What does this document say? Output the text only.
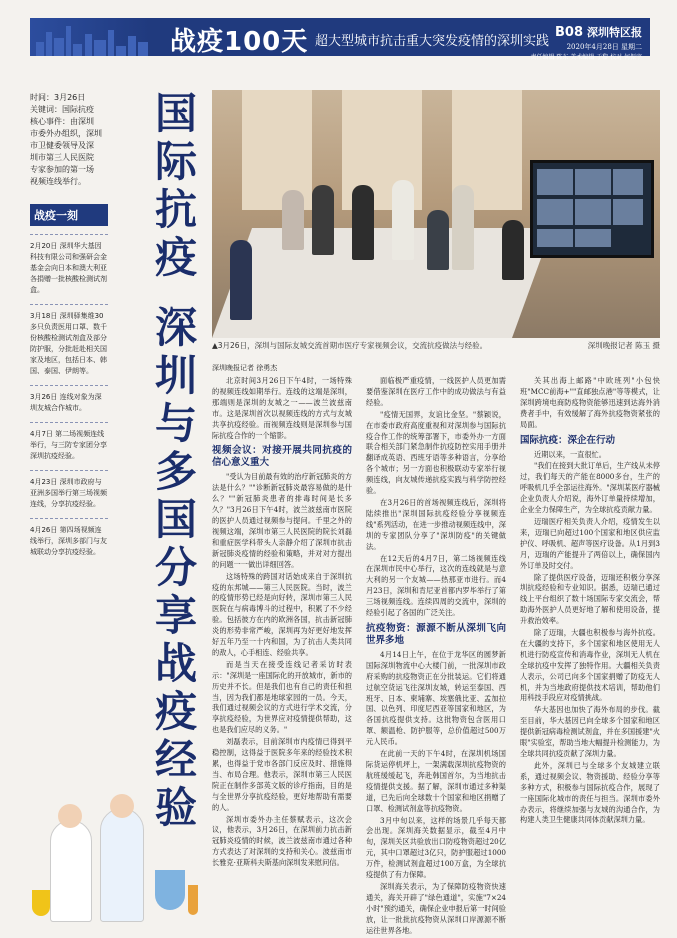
战疫100天 超大型城市抗击重大突发疫情的深圳实践
B08 深圳特区报
2020年4月28日 星期二
责任编辑 陈东 美术编辑 于黎 校对 何振宇
时间：3月26日
关键词：国际抗疫
核心事件：由深圳
市委外办组织，深圳
市卫健委领导及深
圳市第三人民医院
专家参加的第一场
视频连线举行。
战疫一刻
2月20日 深圳华大基因科技有限公司和强研会金基金会向日本和澳大利亚各捐赠一批核酸检测试剂盒。
3月18日 深圳驿集维30多只负责医用口罩、数千份核酸检测试剂盒及部分防护服，分批赶赴相关国家及地区，包括日本、韩国、泰国、伊朗等。
3月26日 连线对象为深圳友城合作城市。
4月7日 第二场视频连线举行，与三防专家团分享深圳抗疫经验。
4月23日 深圳市政府与亚洲多国举行第三场视频连线，分享抗疫经验。
4月26日 第四场视频连线举行，深圳多部门与友城联动分享抗疫经验。
国际抗疫
深圳与多国分享战疫经验
▲3月26日，深圳与国际友城交流首期市医疗专家视频会议，交流抗疫做法与经验。	深圳晚报记者 陈玉 摄
深圳晚报记者 徐勇杰

北京时间3月26日下午4时，一场特殊的视频连线如期举行。连线的这端是深圳，那端则是深圳的友城之一——波兰波兹南市。这是深圳首次以视频连线的方式与友城共享抗疫经验。而视频连线则是深圳参与国际抗疫合作的一个缩影。

视频会议：对接开展共同抗疫的信心意义重大

"受认为目前最有效的治疗新冠肺炎的方法是什么？""诊断新冠肺炎最容易做的是什么？""新冠肺炎患者的排毒时间是长多久？"3月26日下午4时，波兰波兹南市医院的医护人员通过视频参与提问。千里之外的视频这端，深圳市第三人民医院的院长刘磊和重症医学科带头人亲静介绍了深圳市抗击新冠肺炎疫情的经验和策略，并对对方提出的问题一一做出详细回答。

这场特殊的跨国对话始成来自于深圳抗疫的东邦城——第三人民医院。当时，波兰的疫情形势已经是向好转，深圳市第三人民医院在与病毒博斗的过程中，积累了不少经验。包括彼方在内的欧洲各国，抗击新冠肺炎的形势非常严峻，深圳再为好更好地发挥好五年乃至一十内和国，为了抗击人类共同的敌人，心手相连、经验共享。

而是当天在接受连线记者采访时表示："深圳是一座国际化的开放城市，新市的历史并不长。但是我们也有自己的责任和担当，因为我们都是地球家园的一员。今天，我们通过视频会议的方式进行学术交流，分享抗疫经验，为世界应对疫情提供帮助，这也是我们应尽的义务。"

刘磊表示，目前深圳市内疫情已得到平稳控制，这得益于医院多年来的经验技术积累，也得益于党市各部门反应及时、措施得当、布局合理。他表示，深圳市第三人民医院正在制作多部英文版的诊疗指南，目的是与全世界分享抗疫经验，更好地帮助有需要的人。

深圳市委外办主任蔡赋表示，这次会议，他表示，3月26日，在深圳前力抗击新冠肺炎疫情的时候，波兰波兹南市通过各种方式表达了对深圳的支持和关心。波兹南市长雅克·亚斯科夫斯基向深圳发来慰问信。

面临极严重疫情，一线医护人员更加需要借鉴深圳在医疗工作中的成功做法与有益经验。

"疫情无国界，友谊比金坚。"蔡颖说，在市委市政府高度重视和对深圳参与国际抗疫合作工作的统筹部署下，市委外办一方面联合相关部门紧急制作抗疫防控实用手册并翻译成英语、西班牙语等多种语言，分享给各个城市；另一方面也积极联动专家举行视频连线，向友城传递抗疫实践与科学防控经验。

在3月26日的首场视频连线后，深圳将陆续推出"深圳国际抗疫经验分享视频连线"系列活动，在进一步推动视频连线中，深圳的专家团队分享了"深圳防疫"的关键做法。

在12天后的4月7日，第二场视频连线在深圳市民中心举行，这次的连线就是与意大利的另一个友城——热那亚市进行。而4月23日，深圳和肯尼亚首都内罗毕举行了第三场视频连线。连续四周的交流中，深圳的经验引起了各国的广泛关注。

抗疫物资：源源不断从深圳飞向世界多地

4月14日上午，在位于龙华区的圆梦新国际深圳物流中心大楼门前，一批深圳市政府采购的抗疫物资正在分批装运。它们将通过航空货运飞往深圳友城，转运至泰国、西班牙、日本、柬埔寨、埃塞俄比亚、孟加拉国、以色列、印度尼西亚等国家和地区，为各国抗疫提供支持。这批物资包含医用口罩、额温枪、防护服等，总价值超过500万元人民币。

在此前一天的下午4时，在深圳机场国际货运停机坪上，一架满载深圳抗疫物资的航班缓缓起飞，奔赴韩国首尔，为当地抗击疫情提供支援。据了解，深圳市通过多种渠道，已先后向全球数十个国家和地区捐赠了口罩、检测试剂盒等抗疫物资。

3月中旬以来，这样的场景几乎每天都会出现。深圳海关数据显示，截至4月中旬，深圳关区共验放出口防疫物资超过20亿元，其中口罩超过3亿只，防护服超过1000万件，检测试剂盒超过100万盒，为全球抗疫提供了有力保障。

深圳海关表示，为了保障防疫物资快速通关，海关开辟了"绿色通道"，实施"7×24小时"预约通关，确保企业申报后第一时间验放，让一批批抗疫物资从深圳口岸源源不断运往世界各地。

关其出海上邮路"中欧班列"小包快班"MCC前海+""直邮独点港"等等模式，让深圳跨境电商防疫物资能够迅速到达海外消费者手中，有效缓解了海外抗疫物资紧张的局面。

国际抗疫：深企在行动

近期以来，一直很忙。

"我们在接到大批订单后，生产线从未停过，我们每天的产能在8000多台，生产的呼吸机几乎全部运往海外。"深圳某医疗器械企业负责人介绍说，海外订单量持续增加，企业全力保障生产，为全球抗疫贡献力量。

迈瑞医疗相关负责人介绍，疫情发生以来，迈瑞已向超过100个国家和地区供应监护仪、呼吸机、超声等医疗设备。从1月到3月，迈瑞的产能提升了两倍以上，确保国内外订单及时交付。

除了提供医疗设备，迈瑞还积极分享深圳抗疫经验和专业知识。据悉，迈瑞已通过线上平台组织了数十场国际专家交流会，帮助海外医护人员更好地了解和使用设备，提升救治效率。

除了迈瑞，大疆也积极参与海外抗疫。在大疆的支持下，多个国家和地区使用无人机进行防疫宣传和消毒作业，深圳无人机在全球抗疫中发挥了独特作用。大疆相关负责人表示，公司已向多个国家捐赠了防疫无人机，并为当地政府提供技术培训，帮助他们用科技手段应对疫情挑战。

华大基因也加快了海外布局的步伐。截至目前，华大基因已向全球多个国家和地区提供新冠病毒检测试剂盒，并在多国援建"火眼"实验室，帮助当地大幅提升检测能力，为全球共同抗疫贡献了深圳力量。

此外，深圳已与全球多个友城建立联系，通过视频会议、物资援助、经验分享等多种方式，积极参与国际抗疫合作，展现了一座国际化城市的责任与担当。深圳市委外办表示，将继续加强与友城的沟通合作，为构建人类卫生健康共同体贡献深圳力量。
